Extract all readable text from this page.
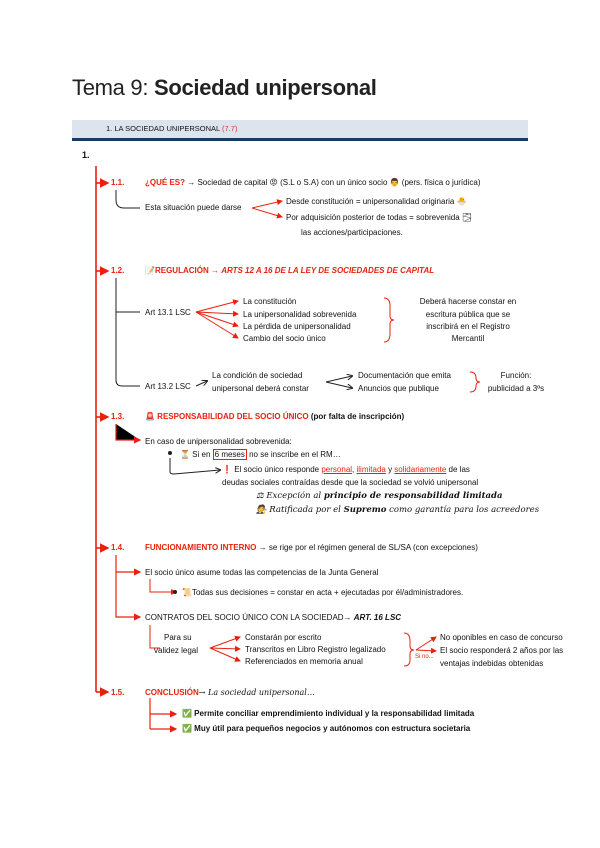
Tema 9: Sociedad unipersonal
1. LA SOCIEDAD UNIPERSONAL (7.7)
1.
1.1.	¿QUÉ ES? → Sociedad de capital 😡 (S.L o S.A) con un único socio 👨 (pers. física o jurídica)
Esta situación puede darse
Desde constitución = unipersonalidad originaria 🐣
Por adquisición posterior de todas = sobrevenida 🌫
las acciones/participaciones.
1.2.	📝REGULACIÓN → ARTS 12 A 16 DE LA LEY DE SOCIEDADES DE CAPITAL
Art 13.1 LSC
La constitución
La unipersonalidad sobrevenida
La pérdida de unipersonalidad
Cambio del socio único
Deberá hacerse constar en
escritura pública que se
inscribirá en el Registro
Mercantil
Art 13.2 LSC
La condición de sociedad
unipersonal deberá constar
Documentación que emita
Anuncios que publique
Función:
publicidad a 3ºs
1.3.	🚨 RESPONSABILIDAD DEL SOCIO ÚNICO (por falta de inscripción)
En caso de unipersonalidad sobrevenida:
⏳ Si en 6 meses no se inscribe en el RM…
❗ El socio único responde personal, ilimitada y solidariamente de las
deudas sociales contraídas desde que la sociedad se volvió unipersonal
⚖ Excepción al principio de responsabilidad limitada
🧑‍⚖️ Ratificada por el Supremo como garantía para los acreedores
1.4.	FUNCIONAMIENTO INTERNO → se rige por el régimen general de SL/SA (con excepciones)
El socio único asume todas las competencias de la Junta General
📜Todas sus decisiones = constar en acta + ejecutadas por él/administradores.
CONTRATOS DEL SOCIO ÚNICO CON LA SOCIEDAD→ ART. 16 LSC
Para su
validez legal
Constarán por escrito
Transcritos en Libro Registro legalizado
Referenciados en memoria anual	Si no...
No oponibles en caso de concurso
El socio responderá 2 años por las
ventajas indebidas obtenidas
1.5.	CONCLUSIÓN→ La sociedad unipersonal…
✅ Permite conciliar emprendimiento individual y la responsabilidad limitada
✅ Muy útil para pequeños negocios y autónomos con estructura societaria
